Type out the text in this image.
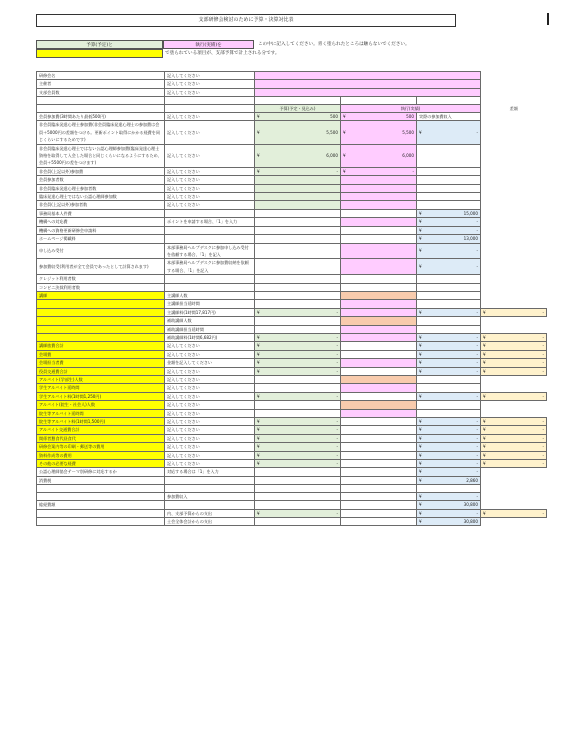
支部研修会検討のために予算・決算対比表
予算(予定)と	執行(実績)を	この中に記入してください。青く塗られたところは触らないでください。
で塗られている項目が、支部予算で計上される分です。
研修会名	記入してください				
主催者	記入してください				
支部会員数	記入してください				

		予算(予定・見込み)	執行(実績)		差額
会員参加費(3時間あたり最低500円)	記入してください	¥ 500	¥ 500	実際の参加費収入	
非会員臨床発達心理士参加費(非会員臨床発達心理士の参加費は会員＋5000円の差額をつける。更新ポイント取得にかかる経費を同じくらいにするためです)	記入してください	¥ 5,500	¥ 5,500	¥ -	

非会員臨床発達心理士ではない公認心理師参加費(臨床発達心理士資格を取得して入会した場合と同じくらいになるようにするため、会員＋5500円の差をつけます)	記入してください	¥ 6,000	¥ 6,000		

非会員(上記以外)参加費	記入してください	¥ -	¥ -		

会員参加者数	記入してください				
非会員臨床発達心理士参加者数	記入してください				
臨床発達心理士ではない公認心理師参加数	記入してください				
非会員(上記以外)参加者数	記入してください				
事務局基本人件費				¥ 15,000	

機構への対応費	ポイントを申請する場合、「1」を入力			¥ -	

機構への資格更新研修会申請料				¥ -	

ホームページ掲載料				¥ 13,000	

申し込み受付	本部事務局ヘルプデスクに参加申し込み受付を依頼する場合、「1」を記入			¥ -	

参加費収受(利用者が全て会員であったとして計算されます)	本部事務局ヘルプデスクに参加費収納を依頼する場合、「1」を記入			¥ -	

クレジット利用者数					
コンビニ決裁利用者数					
講師	主講師人数				
	主講師担当延時間				
	主講師料(1時間17,817円)	¥ -		¥ -	¥ -

	補助講師人数				
	補助講師担当延時間				
	補助講師料(1時間6,682円)	¥ -		¥ -	¥ -

講師旅費合計	記入してください	¥ -		¥ -	¥ -

会場費	記入してください	¥ -		¥ -	¥ -

会場担当者費	金額を記入してください	¥ -		¥ -	¥ -

役員交通費合計	記入してください	¥ -		¥ -	¥ -

アルバイト(学部生)人数	記入してください				
学生アルバイト延時間	記入してください				
学生アルバイト料(1時間1,250円)	記入してください	¥ -		¥ -	¥ -

アルバイト(院生・社会人)人数	記入してください				
院生等アルバイト延時間	記入してください				
院生等アルバイト料(1時間1,500円)	記入してください	¥ -		¥ -	¥ -

アルバイト交通費合計	記入してください	¥ -		¥ -	¥ -

関係者懇食代昼食代	記入してください	¥ -		¥ -	¥ -

研修会案内等の印刷・郵送等の費用	記入してください	¥ -		¥ -	¥ -

資料作成等の費用	記入してください	¥ -		¥ -	¥ -

その他の必要な経費	記入してください	¥ -		¥ -	¥ -

公認心理師協会テーマ別研修に対応するか	対応する場合は「1」を入力			¥ -	

消費税				¥ 2,860	

	参加費収入			¥ -	

総経費額				¥ 30,800	

	内、支部予算からの支出	¥ -		¥ -	¥ -

	土会全体会計からの支出			¥ 30,800	
